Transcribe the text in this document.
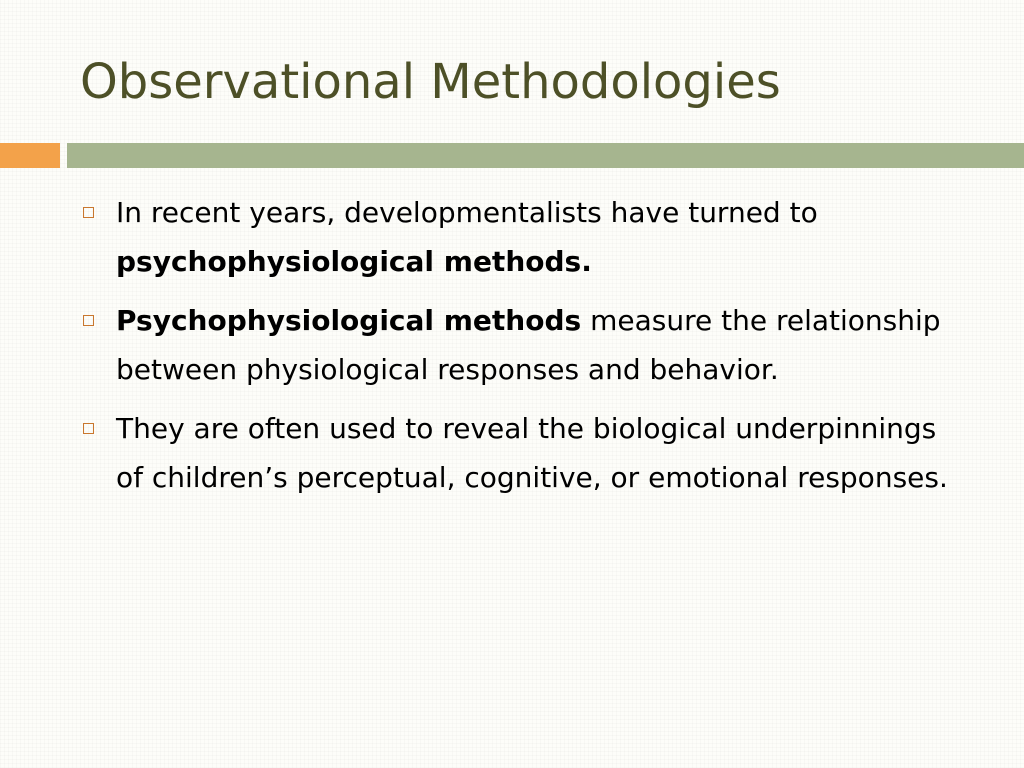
Observational Methodologies
In recent years, developmentalists have turned to psychophysiological methods.
Psychophysiological methods measure the relationship between physiological responses and behavior.
They are often used to reveal the biological underpinnings of children’s perceptual, cognitive, or emotional responses.
